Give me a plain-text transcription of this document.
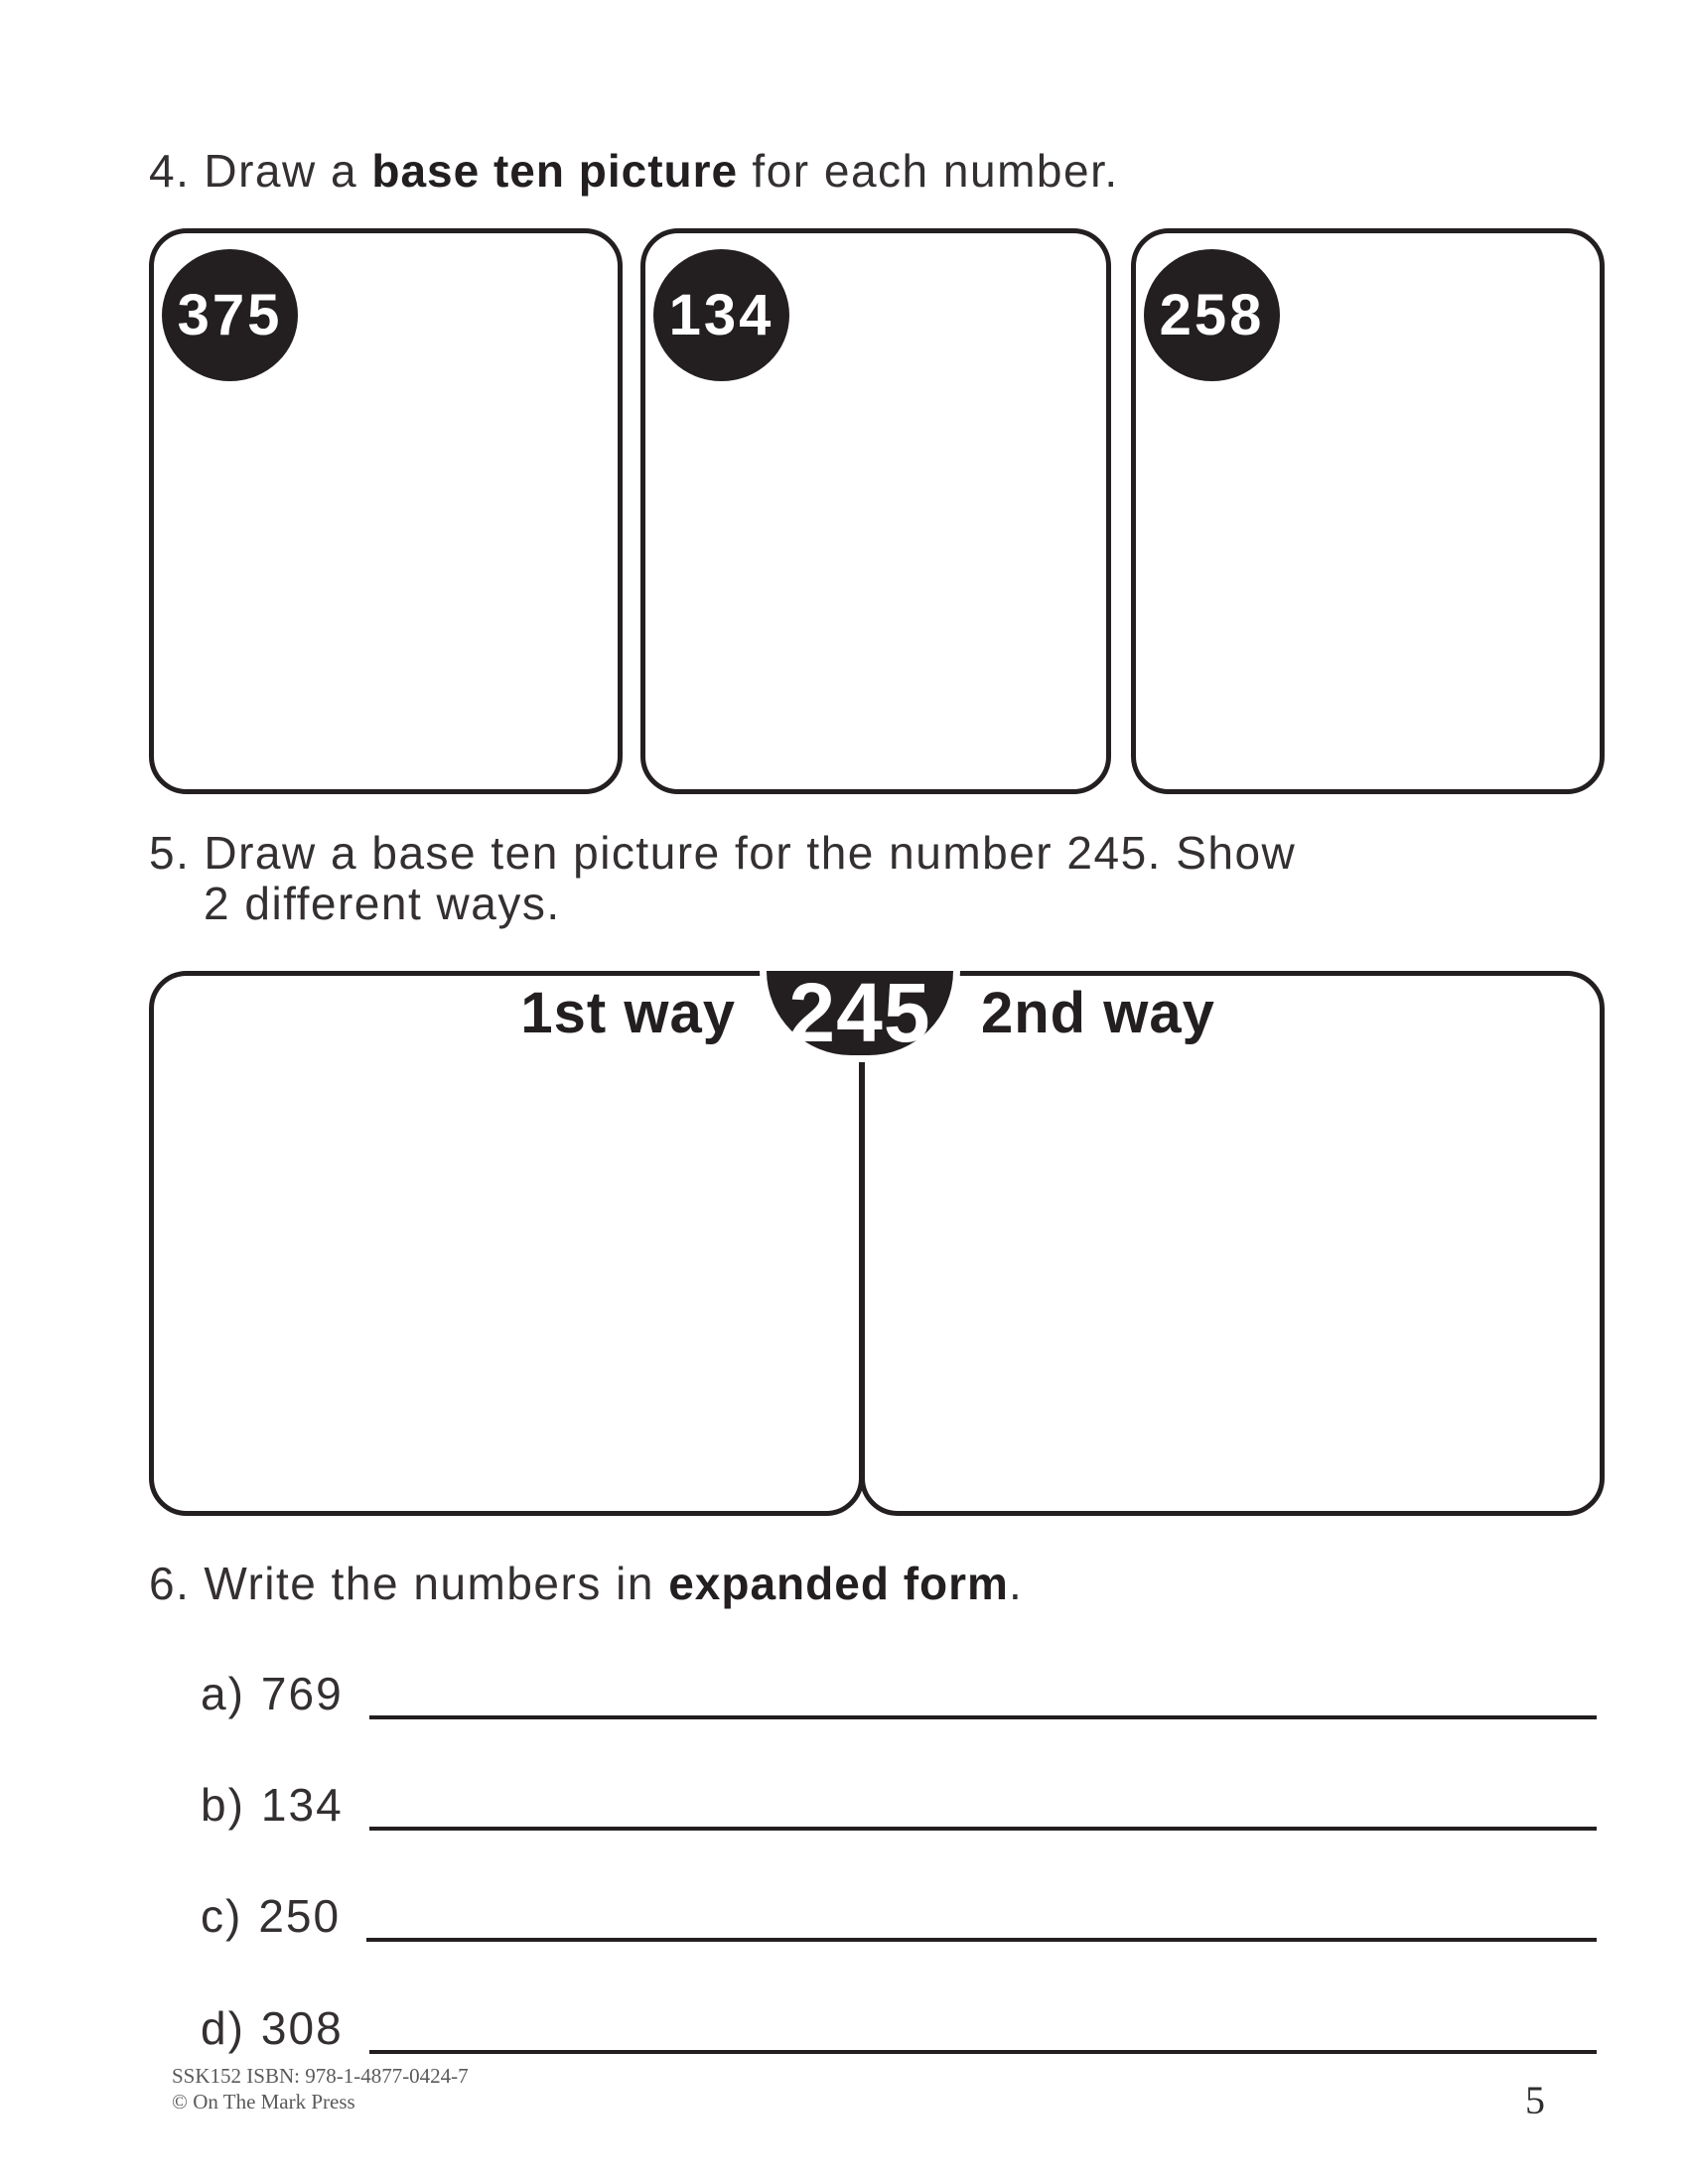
4. Draw a base ten picture for each number.
375	134	258
5. Draw a base ten picture for the number 245. Show
2 different ways.
1st way	2nd way
245
6. Write the numbers in expanded form.
a) 769
b) 134
c) 250
d) 308
SSK152 ISBN: 978-1-4877-0424-7
© On The Mark Press	5
